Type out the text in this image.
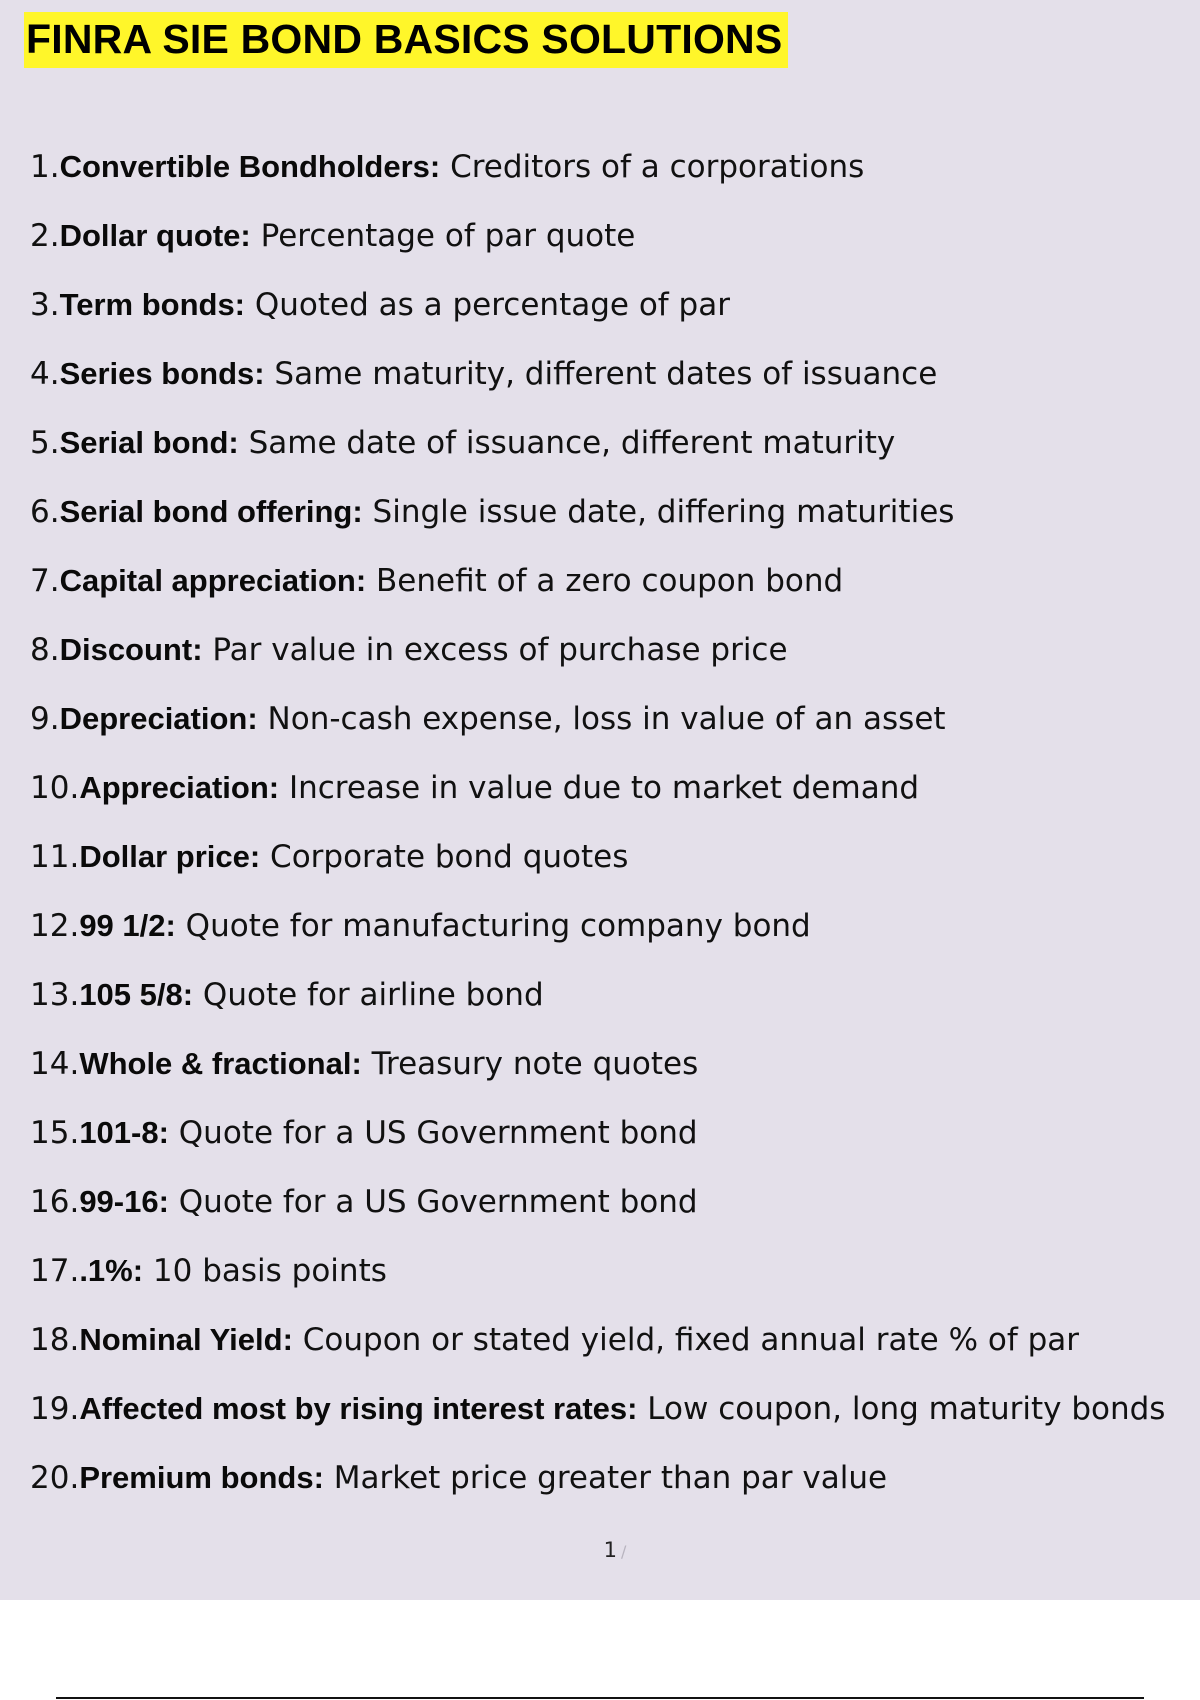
FINRA SIE BOND BASICS SOLUTIONS
1.Convertible Bondholders: Creditors of a corporations
2.Dollar quote: Percentage of par quote
3.Term bonds: Quoted as a percentage of par
4.Series bonds: Same maturity, different dates of issuance
5.Serial bond: Same date of issuance, different maturity
6.Serial bond offering: Single issue date, differing maturities
7.Capital appreciation: Benefit of a zero coupon bond
8.Discount: Par value in excess of purchase price
9.Depreciation: Non-cash expense, loss in value of an asset
10.Appreciation: Increase in value due to market demand
11.Dollar price: Corporate bond quotes
12.99 1/2: Quote for manufacturing company bond
13.105 5/8: Quote for airline bond
14.Whole & fractional: Treasury note quotes
15.101-8: Quote for a US Government bond
16.99-16: Quote for a US Government bond
17..1%: 10 basis points
18.Nominal Yield: Coupon or stated yield, fixed annual rate % of par
19.Affected most by rising interest rates: Low coupon, long maturity bonds
20.Premium bonds: Market price greater than par value
1 /
